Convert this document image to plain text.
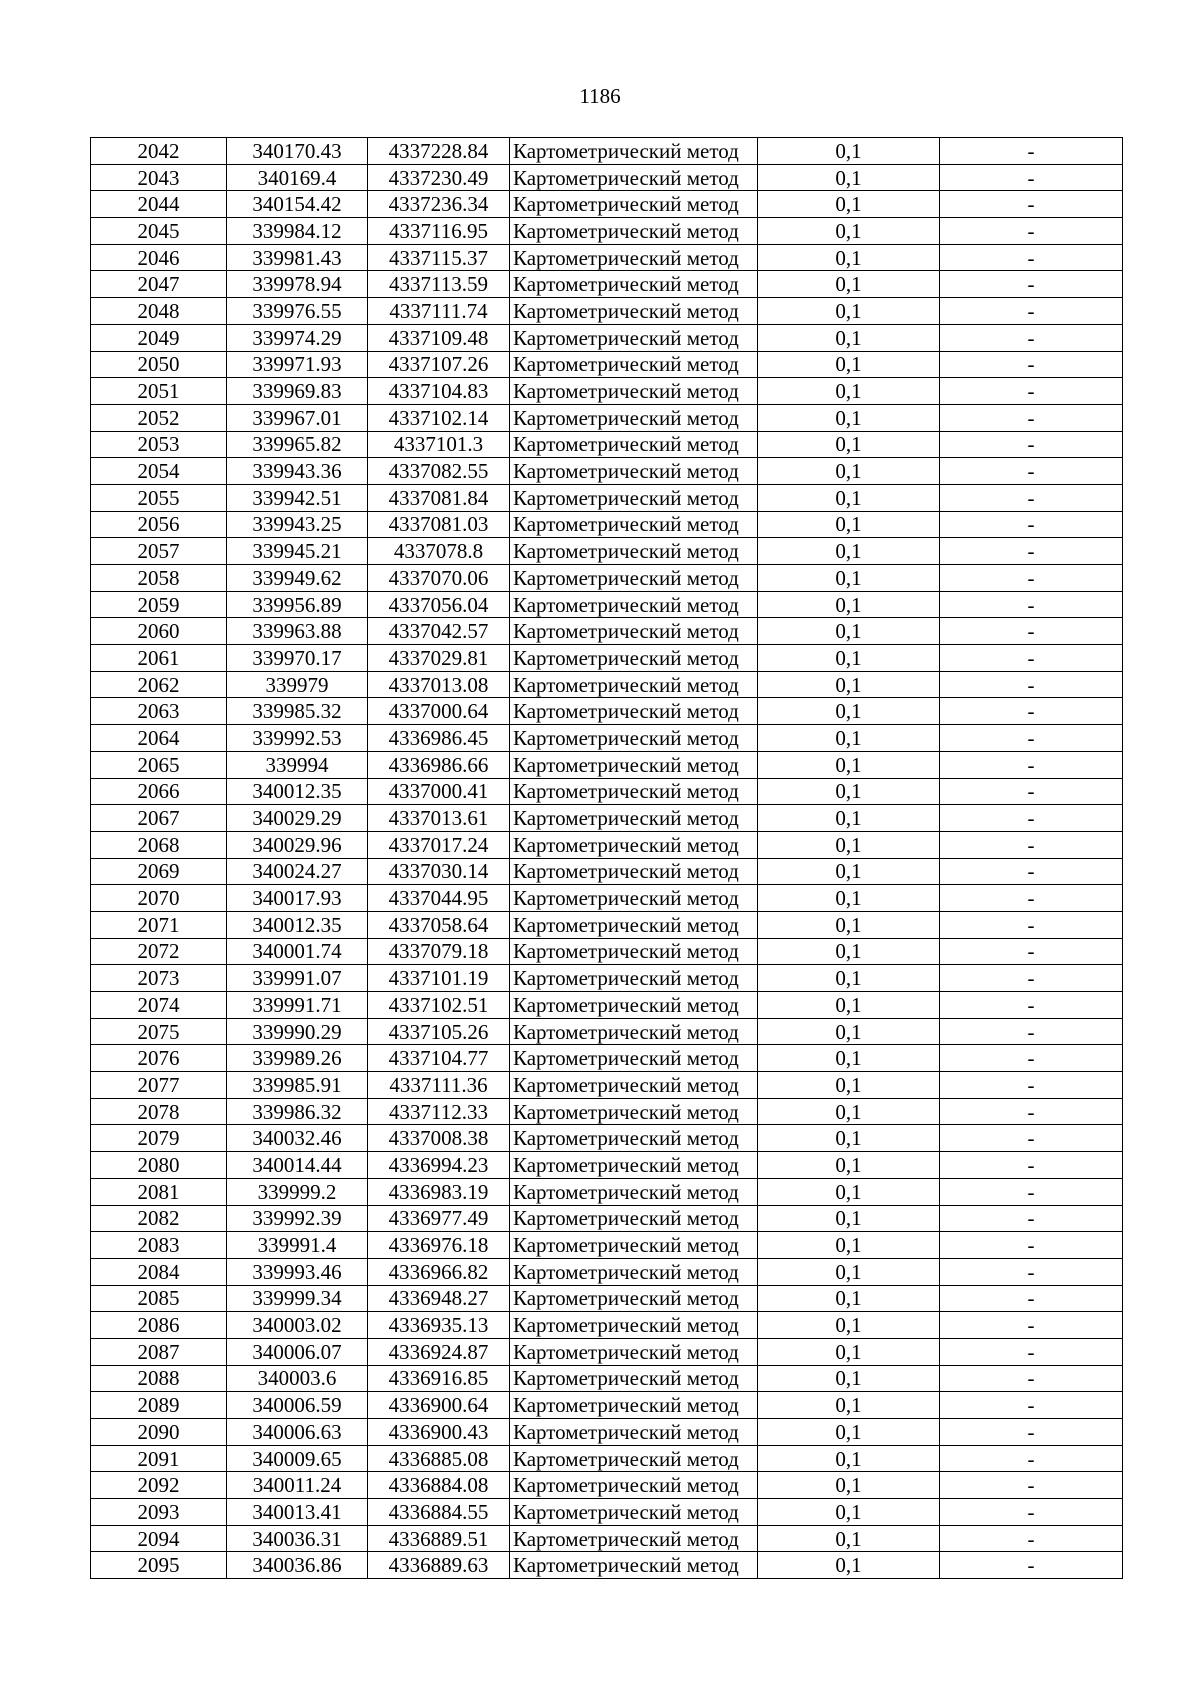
1186
2042	340170.43	4337228.84	Картометрический метод	0,1	-
2043	340169.4	4337230.49	Картометрический метод	0,1	-
2044	340154.42	4337236.34	Картометрический метод	0,1	-
2045	339984.12	4337116.95	Картометрический метод	0,1	-
2046	339981.43	4337115.37	Картометрический метод	0,1	-
2047	339978.94	4337113.59	Картометрический метод	0,1	-
2048	339976.55	4337111.74	Картометрический метод	0,1	-
2049	339974.29	4337109.48	Картометрический метод	0,1	-
2050	339971.93	4337107.26	Картометрический метод	0,1	-
2051	339969.83	4337104.83	Картометрический метод	0,1	-
2052	339967.01	4337102.14	Картометрический метод	0,1	-
2053	339965.82	4337101.3	Картометрический метод	0,1	-
2054	339943.36	4337082.55	Картометрический метод	0,1	-
2055	339942.51	4337081.84	Картометрический метод	0,1	-
2056	339943.25	4337081.03	Картометрический метод	0,1	-
2057	339945.21	4337078.8	Картометрический метод	0,1	-
2058	339949.62	4337070.06	Картометрический метод	0,1	-
2059	339956.89	4337056.04	Картометрический метод	0,1	-
2060	339963.88	4337042.57	Картометрический метод	0,1	-
2061	339970.17	4337029.81	Картометрический метод	0,1	-
2062	339979	4337013.08	Картометрический метод	0,1	-
2063	339985.32	4337000.64	Картометрический метод	0,1	-
2064	339992.53	4336986.45	Картометрический метод	0,1	-
2065	339994	4336986.66	Картометрический метод	0,1	-
2066	340012.35	4337000.41	Картометрический метод	0,1	-
2067	340029.29	4337013.61	Картометрический метод	0,1	-
2068	340029.96	4337017.24	Картометрический метод	0,1	-
2069	340024.27	4337030.14	Картометрический метод	0,1	-
2070	340017.93	4337044.95	Картометрический метод	0,1	-
2071	340012.35	4337058.64	Картометрический метод	0,1	-
2072	340001.74	4337079.18	Картометрический метод	0,1	-
2073	339991.07	4337101.19	Картометрический метод	0,1	-
2074	339991.71	4337102.51	Картометрический метод	0,1	-
2075	339990.29	4337105.26	Картометрический метод	0,1	-
2076	339989.26	4337104.77	Картометрический метод	0,1	-
2077	339985.91	4337111.36	Картометрический метод	0,1	-
2078	339986.32	4337112.33	Картометрический метод	0,1	-
2079	340032.46	4337008.38	Картометрический метод	0,1	-
2080	340014.44	4336994.23	Картометрический метод	0,1	-
2081	339999.2	4336983.19	Картометрический метод	0,1	-
2082	339992.39	4336977.49	Картометрический метод	0,1	-
2083	339991.4	4336976.18	Картометрический метод	0,1	-
2084	339993.46	4336966.82	Картометрический метод	0,1	-
2085	339999.34	4336948.27	Картометрический метод	0,1	-
2086	340003.02	4336935.13	Картометрический метод	0,1	-
2087	340006.07	4336924.87	Картометрический метод	0,1	-
2088	340003.6	4336916.85	Картометрический метод	0,1	-
2089	340006.59	4336900.64	Картометрический метод	0,1	-
2090	340006.63	4336900.43	Картометрический метод	0,1	-
2091	340009.65	4336885.08	Картометрический метод	0,1	-
2092	340011.24	4336884.08	Картометрический метод	0,1	-
2093	340013.41	4336884.55	Картометрический метод	0,1	-
2094	340036.31	4336889.51	Картометрический метод	0,1	-
2095	340036.86	4336889.63	Картометрический метод	0,1	-
